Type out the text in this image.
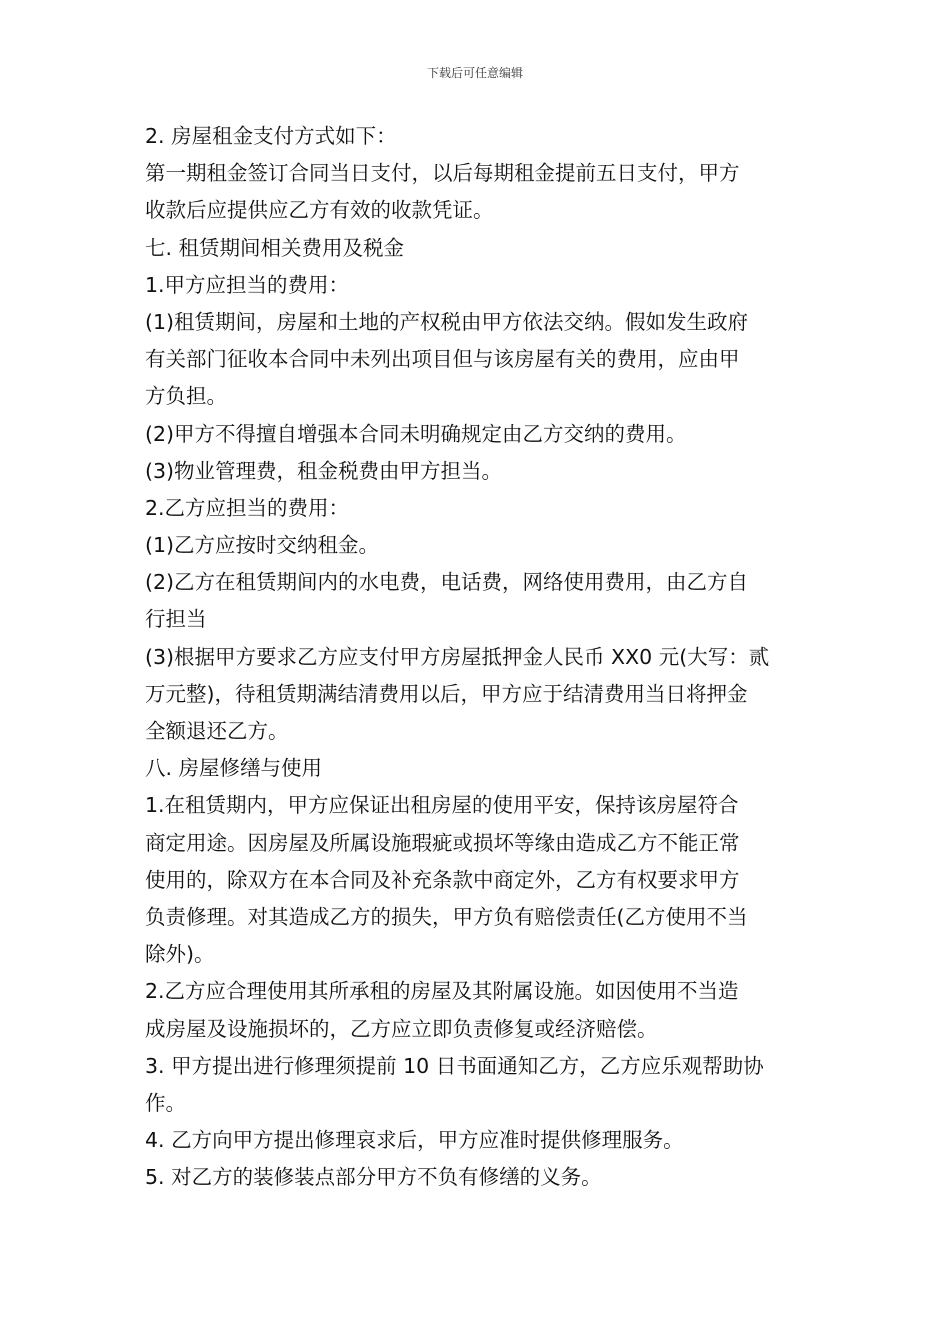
下载后可任意编辑
2. 房屋租金支付方式如下：
第一期租金签订合同当日支付，以后每期租金提前五日支付，甲方
收款后应提供应乙方有效的收款凭证。
七. 租赁期间相关费用及税金
1.甲方应担当的费用：
(1)租赁期间，房屋和土地的产权税由甲方依法交纳。假如发生政府
有关部门征收本合同中未列出项目但与该房屋有关的费用，应由甲
方负担。
(2)甲方不得擅自增强本合同未明确规定由乙方交纳的费用。
(3)物业管理费，租金税费由甲方担当。
2.乙方应担当的费用：
(1)乙方应按时交纳租金。
(2)乙方在租赁期间内的水电费，电话费，网络使用费用，由乙方自
行担当
(3)根据甲方要求乙方应支付甲方房屋抵押金人民币 XX0 元(大写：贰
万元整)，待租赁期满结清费用以后，甲方应于结清费用当日将押金
全额退还乙方。
八. 房屋修缮与使用
1.在租赁期内，甲方应保证出租房屋的使用平安，保持该房屋符合
商定用途。因房屋及所属设施瑕疵或损坏等缘由造成乙方不能正常
使用的，除双方在本合同及补充条款中商定外，乙方有权要求甲方
负责修理。对其造成乙方的损失，甲方负有赔偿责任(乙方使用不当
除外)。
2.乙方应合理使用其所承租的房屋及其附属设施。如因使用不当造
成房屋及设施损坏的，乙方应立即负责修复或经济赔偿。
3. 甲方提出进行修理须提前 10 日书面通知乙方，乙方应乐观帮助协
作。
4. 乙方向甲方提出修理哀求后，甲方应准时提供修理服务。
5. 对乙方的装修装点部分甲方不负有修缮的义务。
